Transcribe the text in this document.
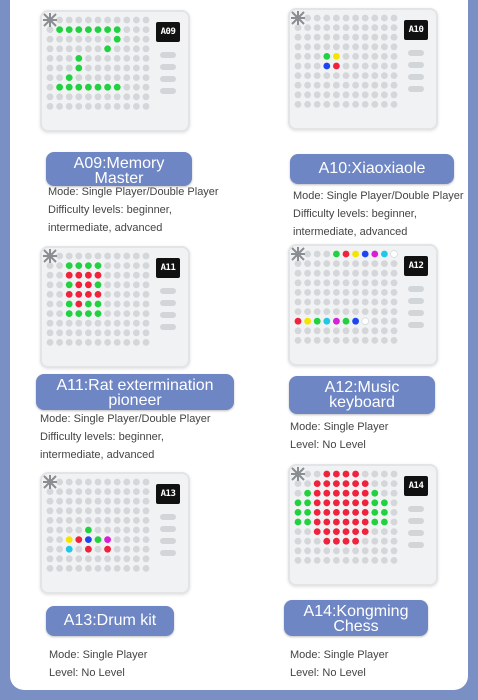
A09
A09:Memory
Master
Mode: Single Player/Double Player
Difficulty levels: beginner,
intermediate, advanced
A10
A10:Xiaoxiaole
Mode: Single Player/Double Player
Difficulty levels: beginner,
intermediate, advanced
A11
A11:Rat extermination
pioneer
Mode: Single Player/Double Player
Difficulty levels: beginner,
intermediate, advanced
A12
A12:Music
keyboard
Mode: Single Player
Level: No Level
A13
A13:Drum kit
Mode: Single Player
Level: No Level
A14
A14:Kongming
Chess
Mode: Single Player
Level: No Level
